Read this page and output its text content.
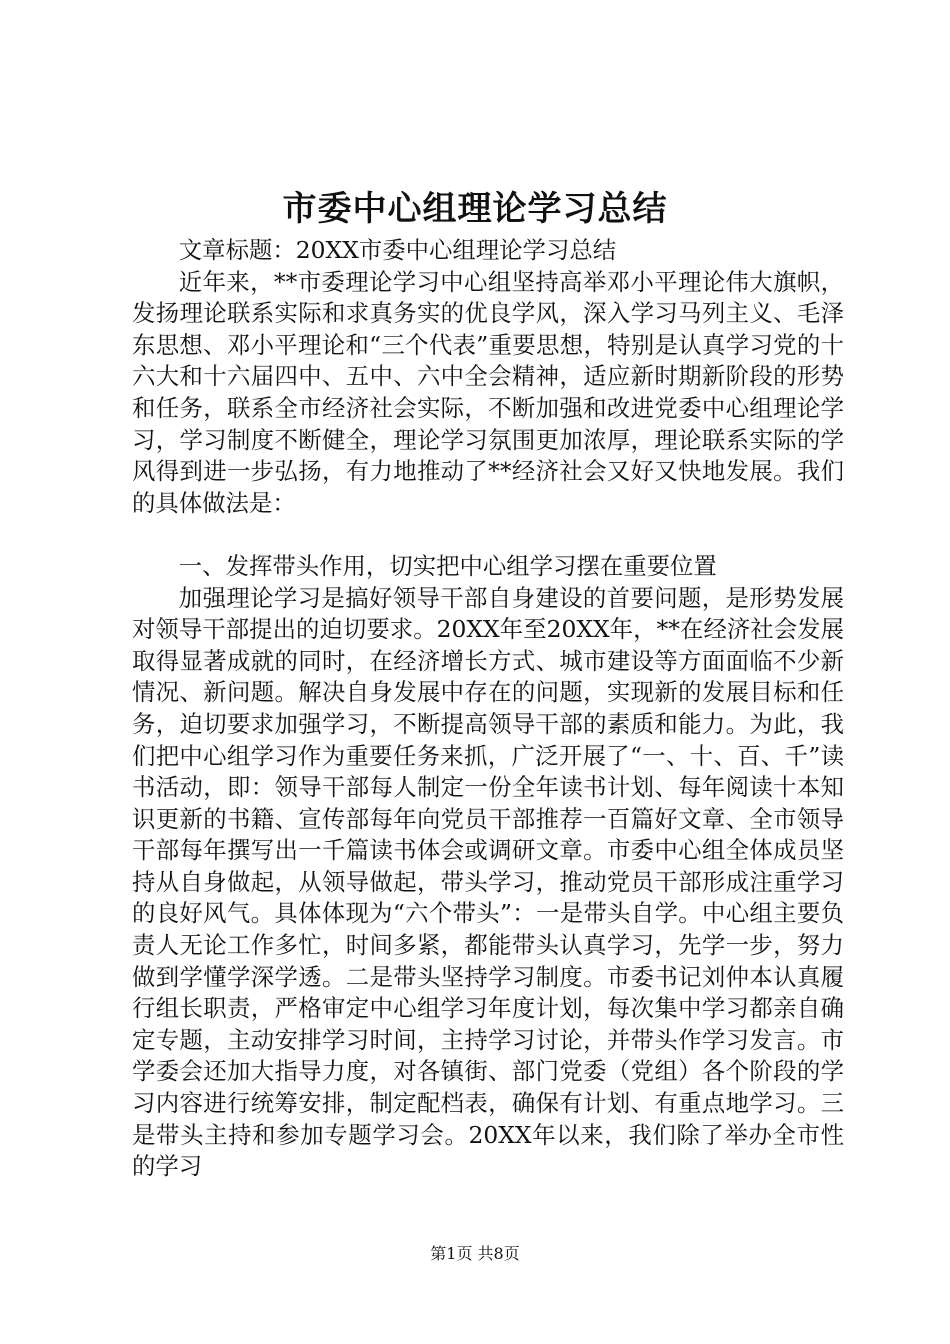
市委中心组理论学习总结

文章标题：20XX市委中心组理论学习总结

近年来，**市委理论学习中心组坚持高举邓小平理论伟大旗帜，发扬理论联系实际和求真务实的优良学风，深入学习马列主义、毛泽东思想、邓小平理论和“三个代表”重要思想，特别是认真学习党的十六大和十六届四中、五中、六中全会精神，适应新时期新阶段的形势和任务，联系全市经济社会实际，不断加强和改进党委中心组理论学习，学习制度不断健全，理论学习氛围更加浓厚，理论联系实际的学风得到进一步弘扬，有力地推动了**经济社会又好又快地发展。我们的具体做法是：

一、发挥带头作用，切实把中心组学习摆在重要位置

加强理论学习是搞好领导干部自身建设的首要问题，是形势发展对领导干部提出的迫切要求。20XX年至20XX年，**在经济社会发展取得显著成就的同时，在经济增长方式、城市建设等方面面临不少新情况、新问题。解决自身发展中存在的问题，实现新的发展目标和任务，迫切要求加强学习，不断提高领导干部的素质和能力。为此，我们把中心组学习作为重要任务来抓，广泛开展了“一、十、百、千”读书活动，即：领导干部每人制定一份全年读书计划、每年阅读十本知识更新的书籍、宣传部每年向党员干部推荐一百篇好文章、全市领导干部每年撰写出一千篇读书体会或调研文章。市委中心组全体成员坚持从自身做起，从领导做起，带头学习，推动党员干部形成注重学习的良好风气。具体体现为“六个带头”：一是带头自学。中心组主要负责人无论工作多忙，时间多紧，都能带头认真学习，先学一步，努力做到学懂学深学透。二是带头坚持学习制度。市委书记刘仲本认真履行组长职责，严格审定中心组学习年度计划，每次集中学习都亲自确定专题，主动安排学习时间，主持学习讨论，并带头作学习发言。市学委会还加大指导力度，对各镇街、部门党委（党组）各个阶段的学习内容进行统筹安排，制定配档表，确保有计划、有重点地学习。三是带头主持和参加专题学习会。20XX年以来，我们除了举办全市性的学习

第1页 共8页
